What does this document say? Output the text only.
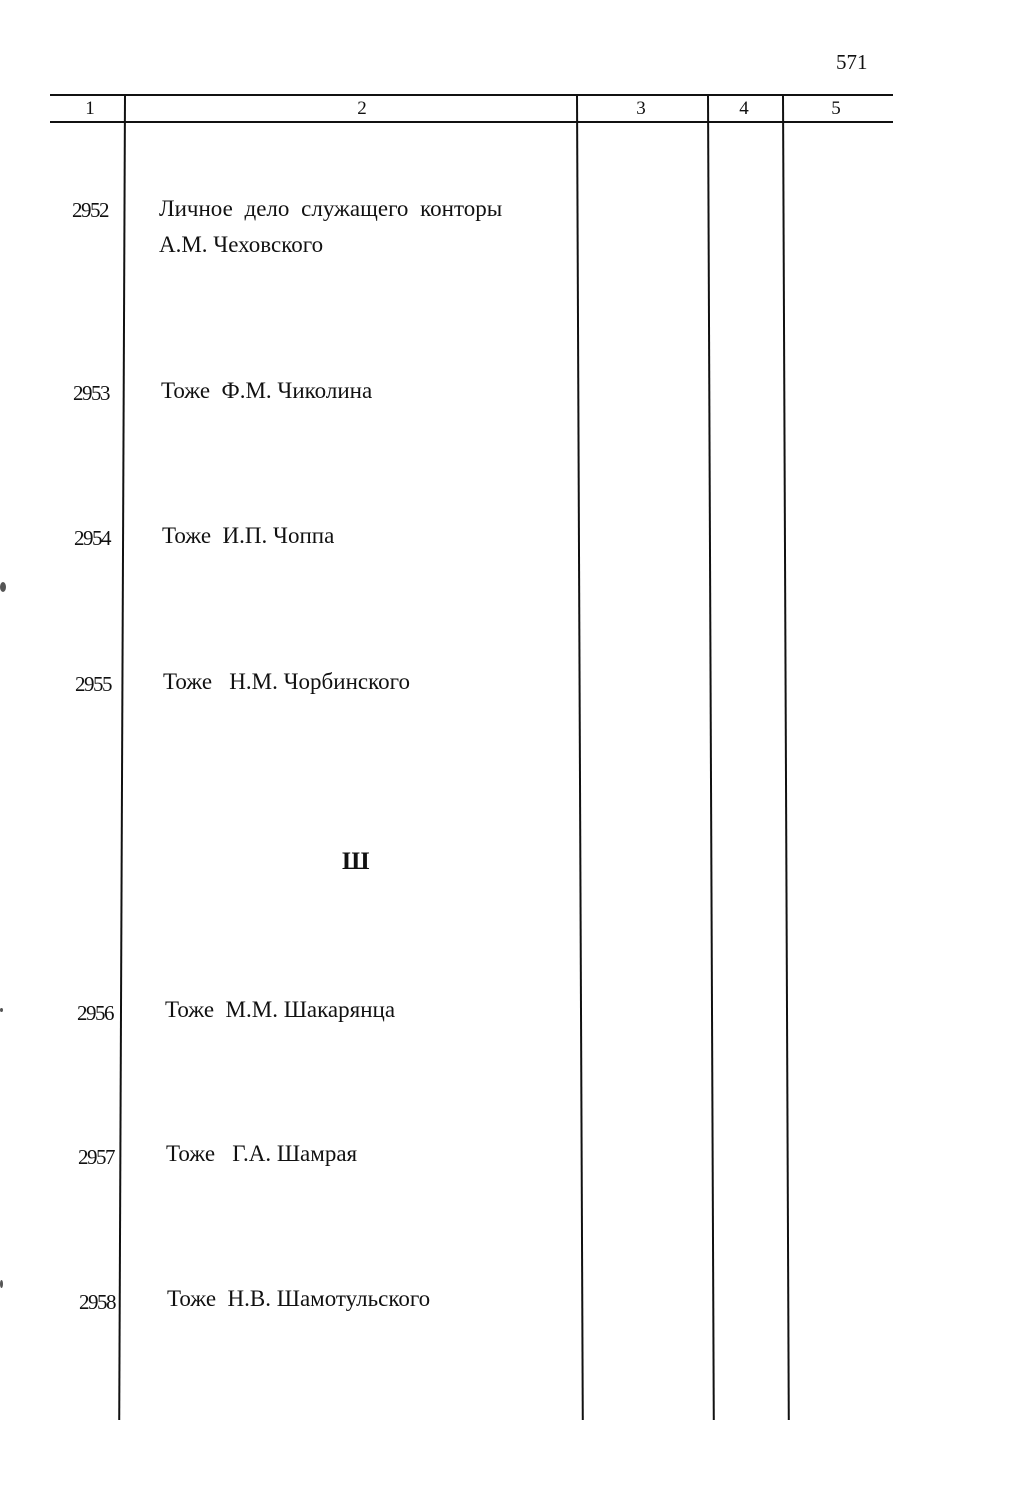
571
1	2	3	4	5
2952 Личное дело служащего конторы
А.М. Чеховского
2953 Тоже  Ф.М. Чиколина
2954 Тоже  И.П. Чоппа
2955 Тоже   Н.М. Чорбинского
Ш
2956 Тоже  М.М. Шакарянца
2957 Тоже   Г.А. Шамрая
2958 Тоже  Н.В. Шамотульского
